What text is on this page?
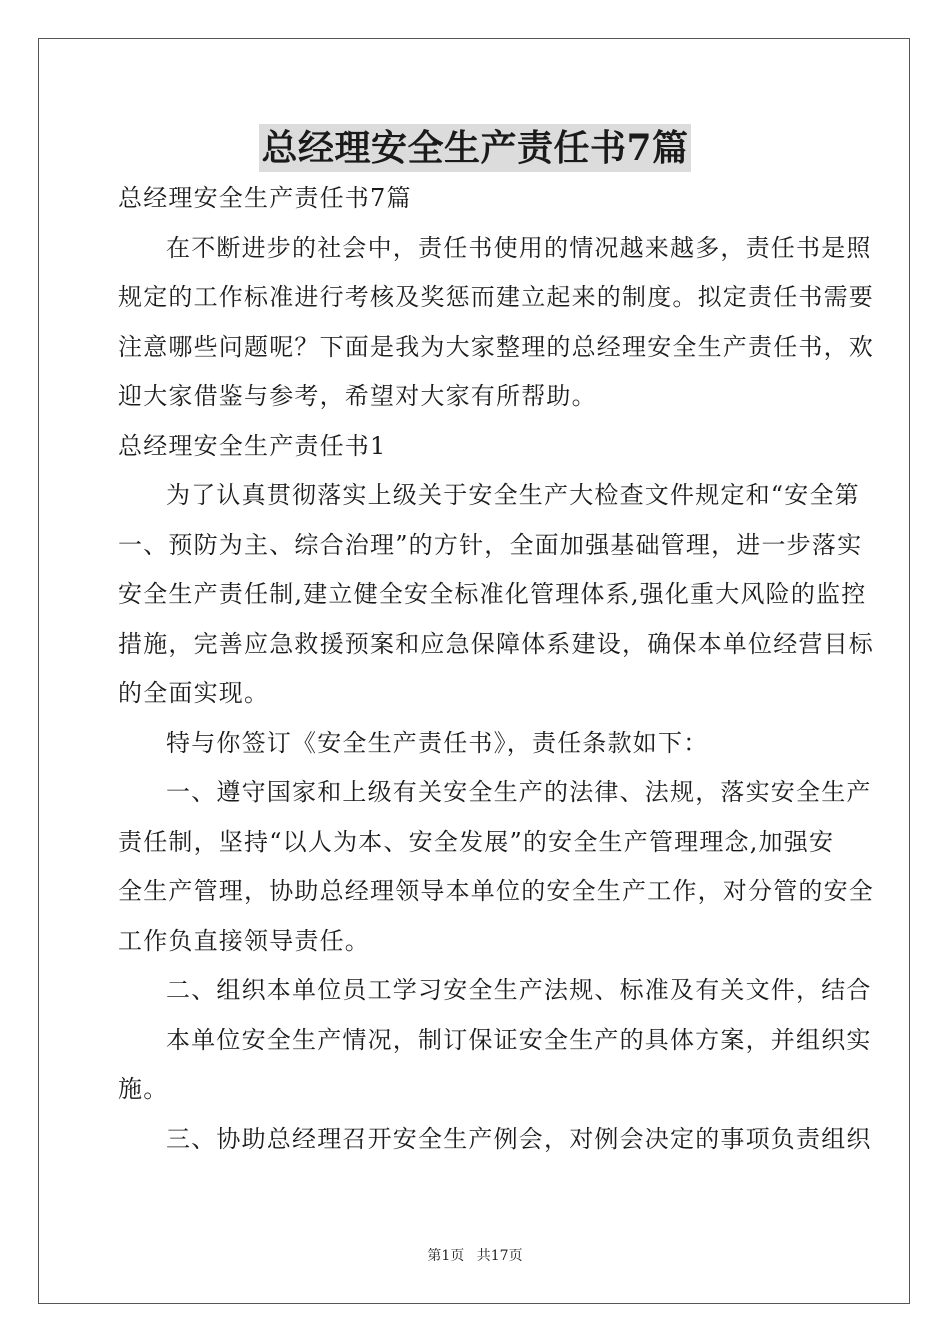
总经理安全生产责任书7篇
总经理安全生产责任书7篇
在不断进步的社会中，责任书使用的情况越来越多，责任书是照
规定的工作标准进行考核及奖惩而建立起来的制度。拟定责任书需要
注意哪些问题呢？下面是我为大家整理的总经理安全生产责任书，欢
迎大家借鉴与参考，希望对大家有所帮助。
总经理安全生产责任书1
为了认真贯彻落实上级关于安全生产大检查文件规定和“安全第
一、预防为主、综合治理”的方针，全面加强基础管理，进一步落实
安全生产责任制,建立健全安全标准化管理体系,强化重大风险的监控
措施，完善应急救援预案和应急保障体系建设，确保本单位经营目标
的全面实现。
特与你签订《安全生产责任书》，责任条款如下：
一、遵守国家和上级有关安全生产的法律、法规，落实安全生产
责任制，坚持“以人为本、安全发展”的安全生产管理理念,加强安
全生产管理，协助总经理领导本单位的安全生产工作，对分管的安全
工作负直接领导责任。
二、组织本单位员工学习安全生产法规、标准及有关文件，结合
本单位安全生产情况，制订保证安全生产的具体方案，并组织实
施。
三、协助总经理召开安全生产例会，对例会决定的事项负责组织
第1页 共17页
